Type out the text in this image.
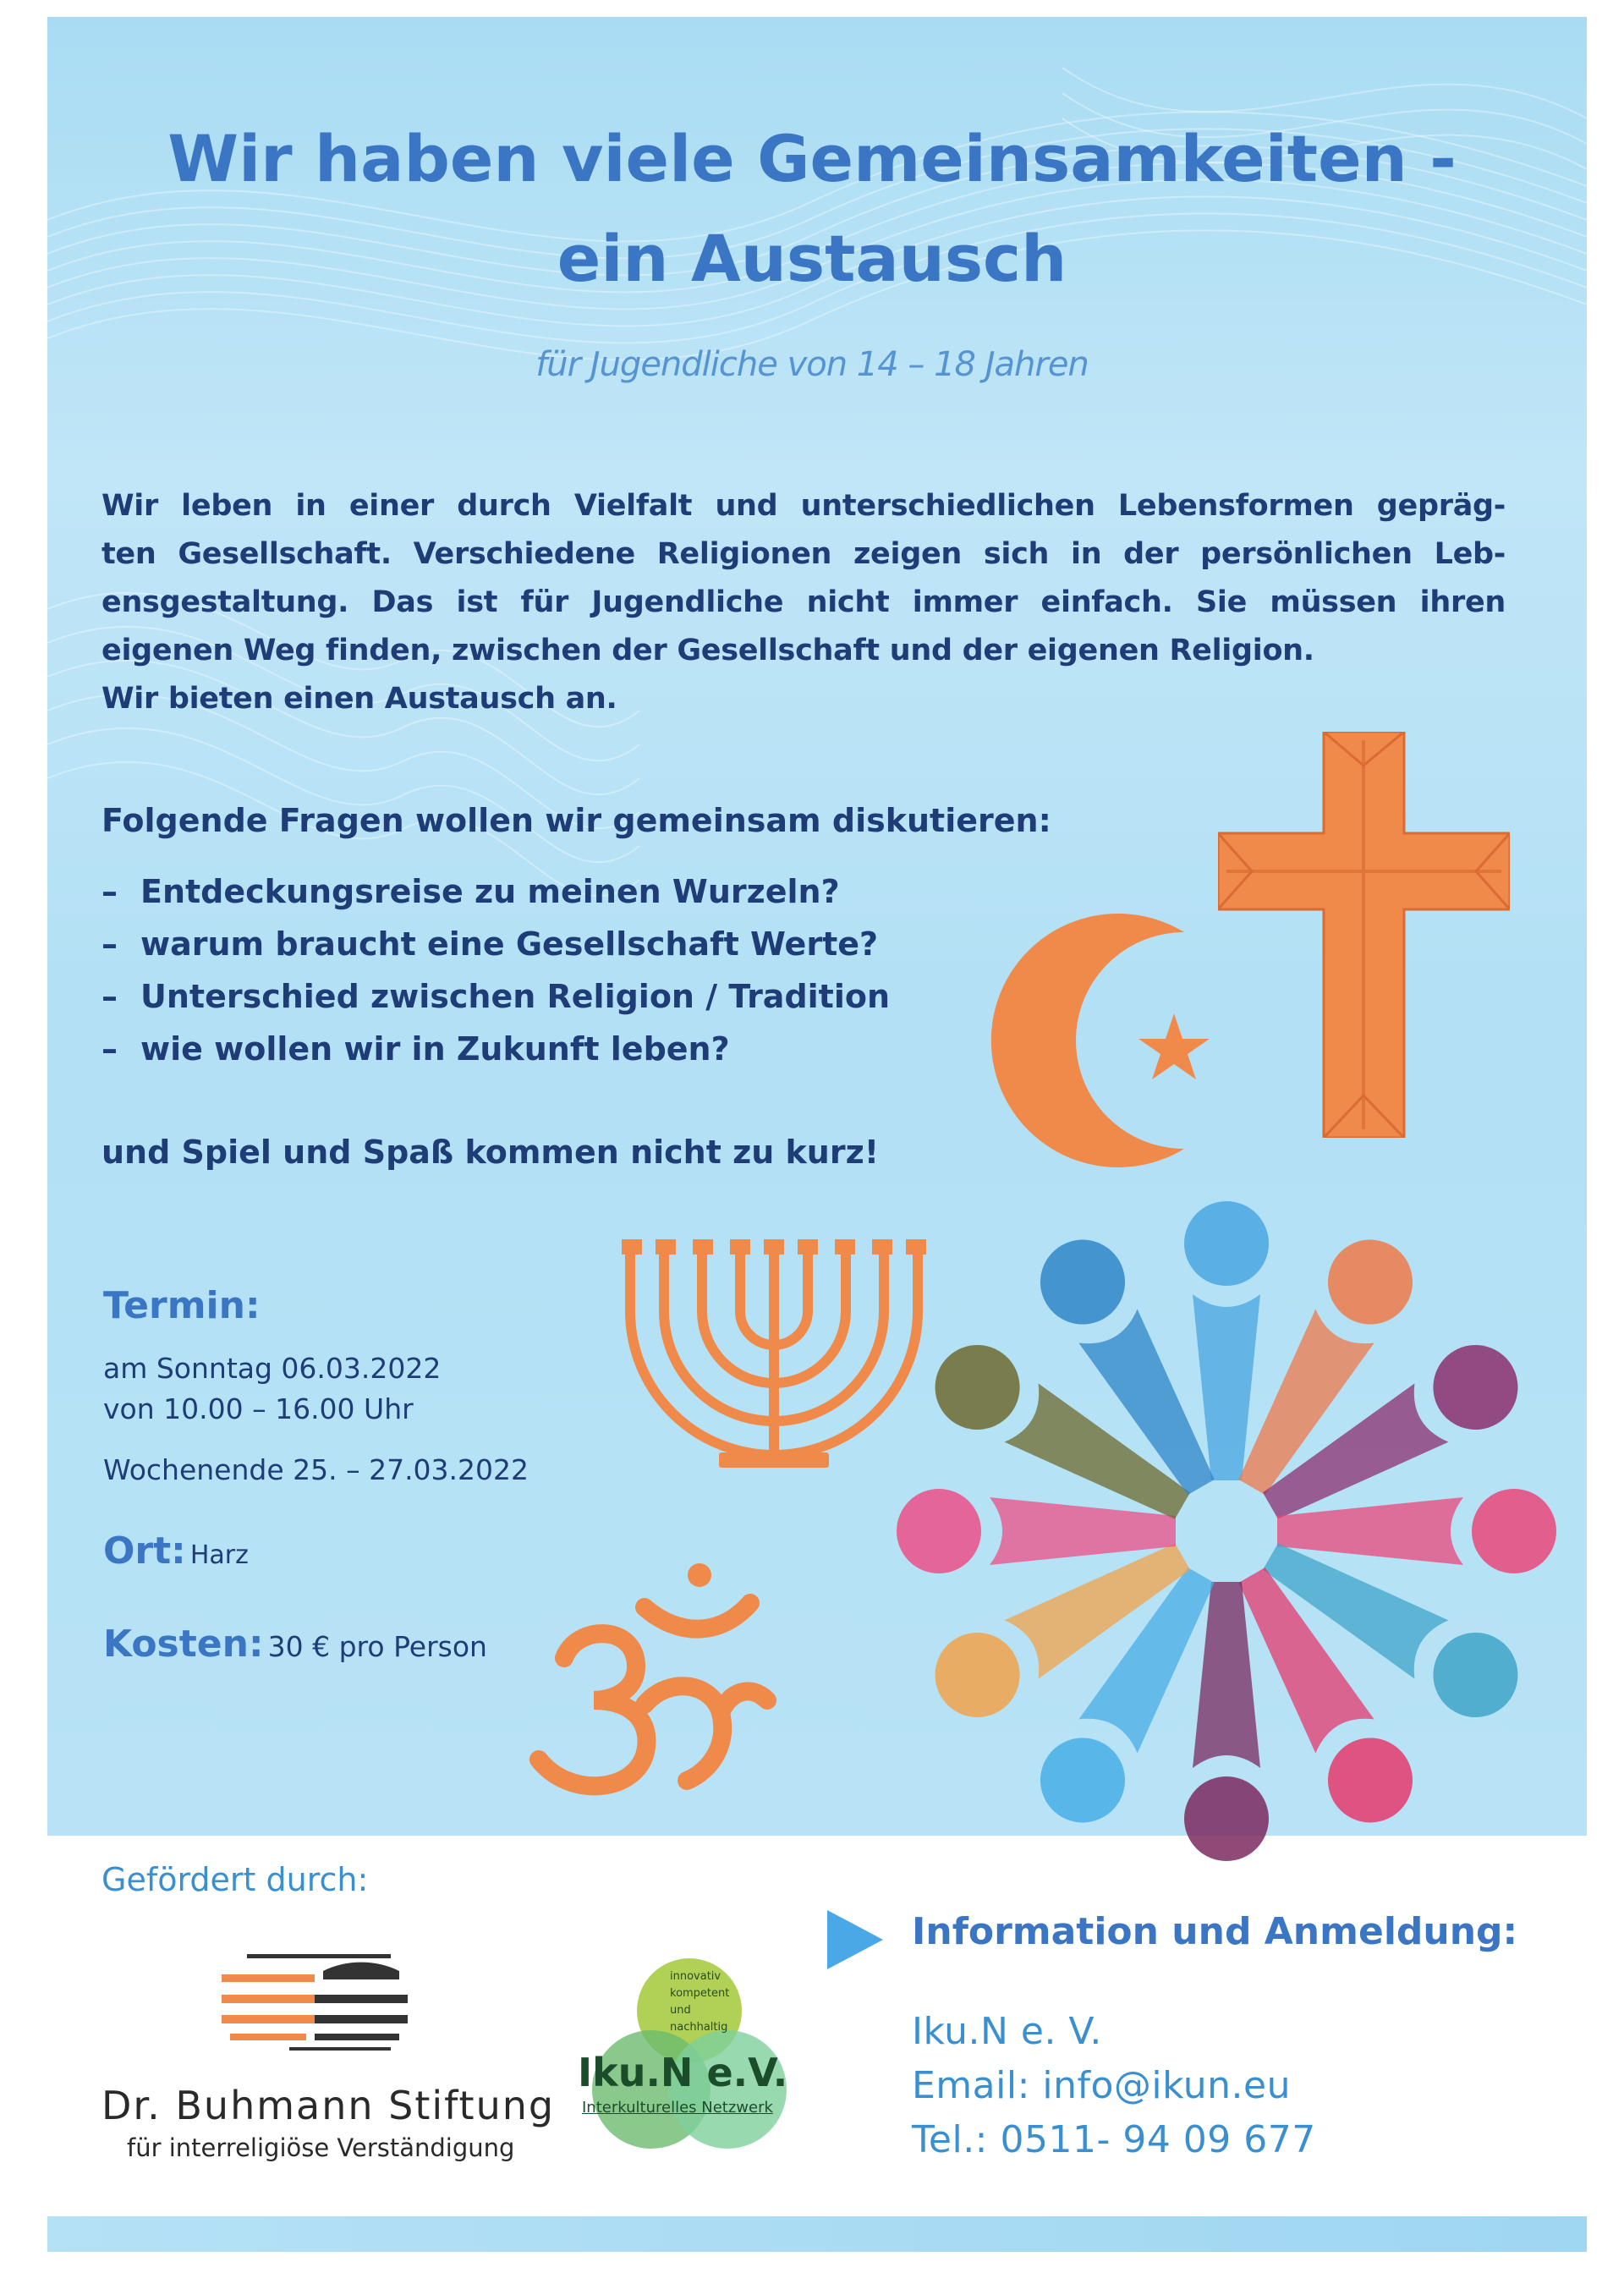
Wir haben viele Gemeinsamkeiten -
ein Austausch
für Jugendliche von 14 – 18 Jahren
Wir leben in einer durch Vielfalt und unterschiedlichen Lebensformen gepräg-
ten Gesellschaft. Verschiedene Religionen zeigen sich in der persönlichen Leb-
ensgestaltung. Das ist für Jugendliche nicht immer einfach. Sie müssen ihren
eigenen Weg finden, zwischen der Gesellschaft und der eigenen Religion.
Wir bieten einen Austausch an.
Folgende Fragen wollen wir gemeinsam diskutieren:
– Entdeckungsreise zu meinen Wurzeln?
– warum braucht eine Gesellschaft Werte?
– Unterschied zwischen Religion / Tradition
– wie wollen wir in Zukunft leben?
und Spiel und Spaß kommen nicht zu kurz!
Termin:
am Sonntag 06.03.2022
von 10.00 – 16.00 Uhr
Wochenende 25. – 27.03.2022
Ort: Harz
Kosten: 30 € pro Person
Gefördert durch:
Dr. Buhmann Stiftung
für interreligiöse Verständigung
innovativ
kompetent
und
nachhaltig
Iku.N e.V.
Interkulturelles Netzwerk
Information und Anmeldung:
Iku.N e. V.
Email: info@ikun.eu
Tel.: 0511- 94 09 677
